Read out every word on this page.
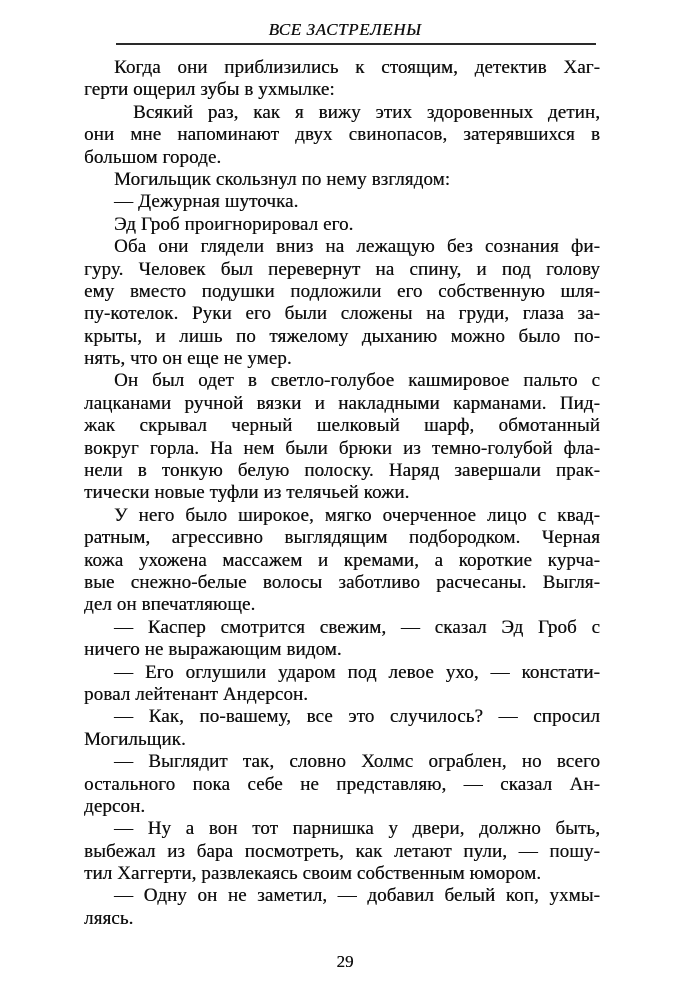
ВСЕ ЗАСТРЕЛЕНЫ
Когда они приблизились к стоящим, детектив Хаг-
герти ощерил зубы в ухмылке:
Всякий раз, как я вижу этих здоровенных детин,
они мне напоминают двух свинопасов, затерявшихся в
большом городе.
Могильщик скользнул по нему взглядом:
— Дежурная шуточка.
Эд Гроб проигнорировал его.
Оба они глядели вниз на лежащую без сознания фи-
гуру. Человек был перевернут на спину, и под голову
ему вместо подушки подложили его собственную шля-
пу-котелок. Руки его были сложены на груди, глаза за-
крыты, и лишь по тяжелому дыханию можно было по-
нять, что он еще не умер.
Он был одет в светло-голубое кашмировое пальто с
лацканами ручной вязки и накладными карманами. Пид-
жак скрывал черный шелковый шарф, обмотанный
вокруг горла. На нем были брюки из темно-голубой фла-
нели в тонкую белую полоску. Наряд завершали прак-
тически новые туфли из телячьей кожи.
У него было широкое, мягко очерченное лицо с квад-
ратным, агрессивно выглядящим подбородком. Черная
кожа ухожена массажем и кремами, а короткие курча-
вые снежно-белые волосы заботливо расчесаны. Выгля-
дел он впечатляюще.
— Каспер смотрится свежим, — сказал Эд Гроб с
ничего не выражающим видом.
— Его оглушили ударом под левое ухо, — констати-
ровал лейтенант Андерсон.
— Как, по-вашему, все это случилось? — спросил
Могильщик.
— Выглядит так, словно Холмс ограблен, но всего
остального пока себе не представляю, — сказал Ан-
дерсон.
— Ну а вон тот парнишка у двери, должно быть,
выбежал из бара посмотреть, как летают пули, — пошу-
тил Хаггерти, развлекаясь своим собственным юмором.
— Одну он не заметил, — добавил белый коп, ухмы-
ляясь.
29
